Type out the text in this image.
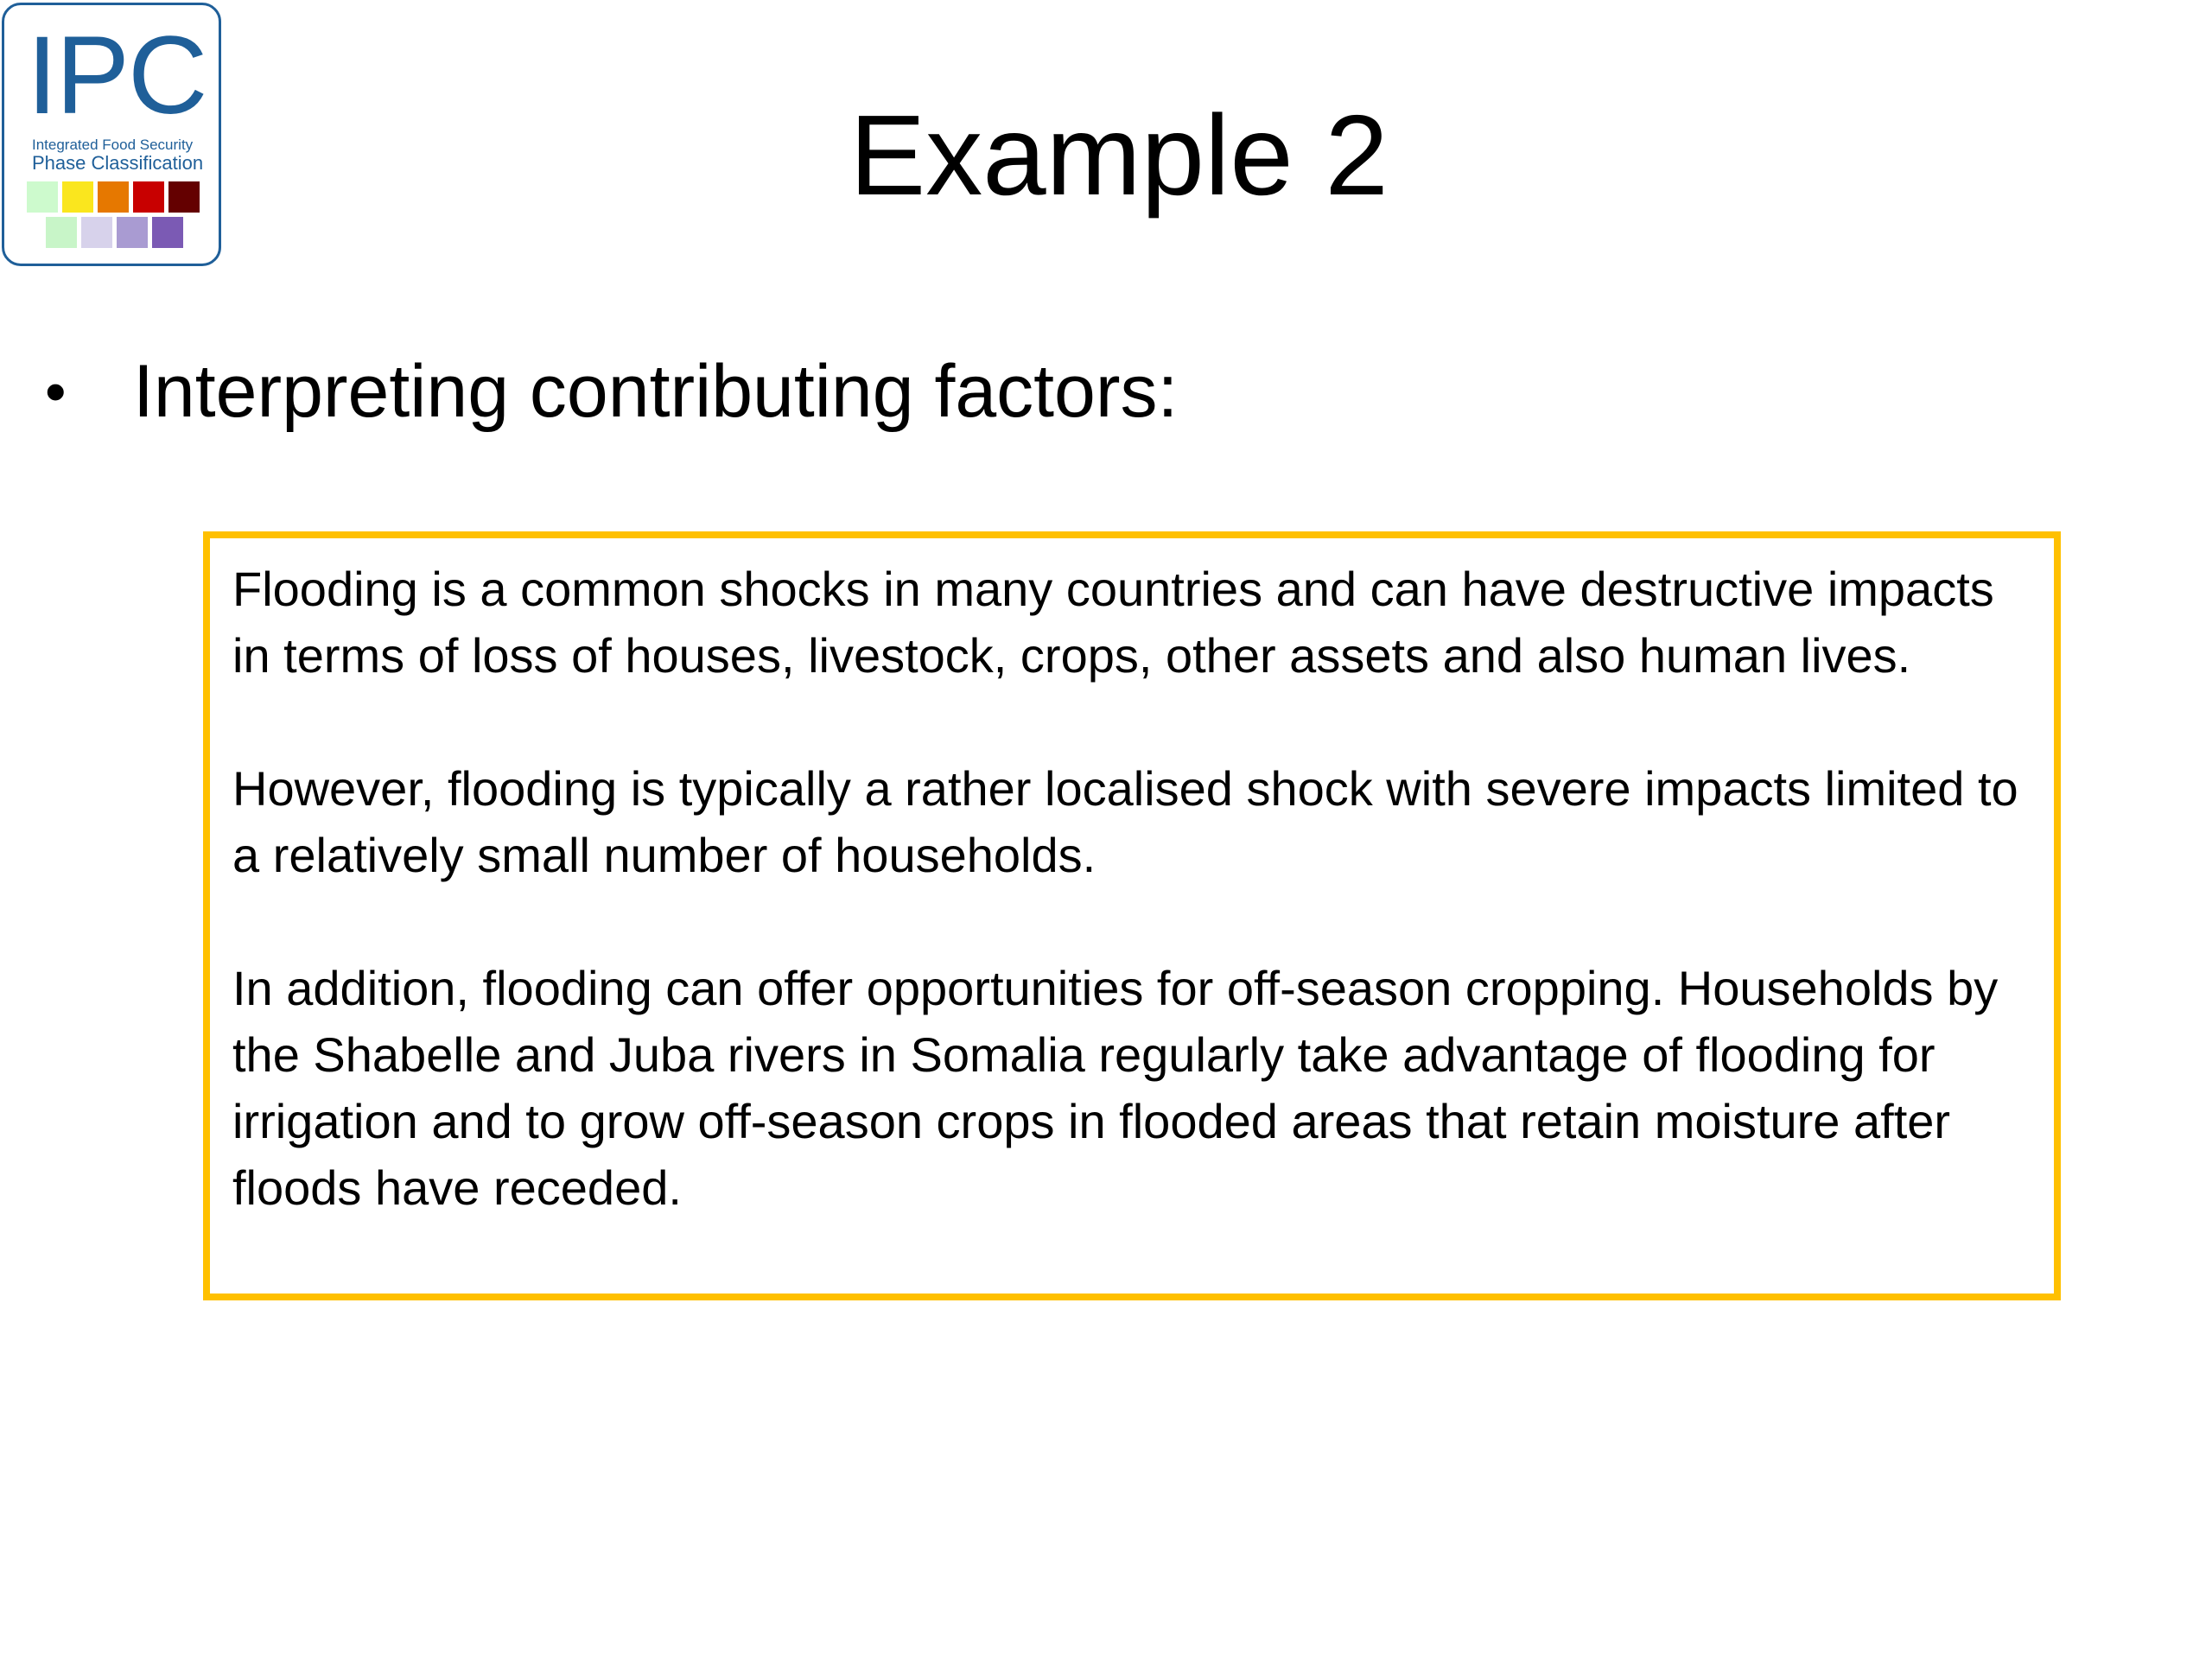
IPC
Integrated Food Security
Phase Classification	Example 2
• Interpreting contributing factors:

Flooding is a common shocks in many countries and can have destructive impacts in terms of loss of houses, livestock, crops, other assets and also human lives.

However, flooding is typically a rather localised shock with severe impacts limited to a relatively small number of households.

In addition, flooding can offer opportunities for off-season cropping. Households by the Shabelle and Juba rivers in Somalia regularly take advantage of flooding for irrigation and to grow off-season crops in flooded areas that retain moisture after floods have receded.
